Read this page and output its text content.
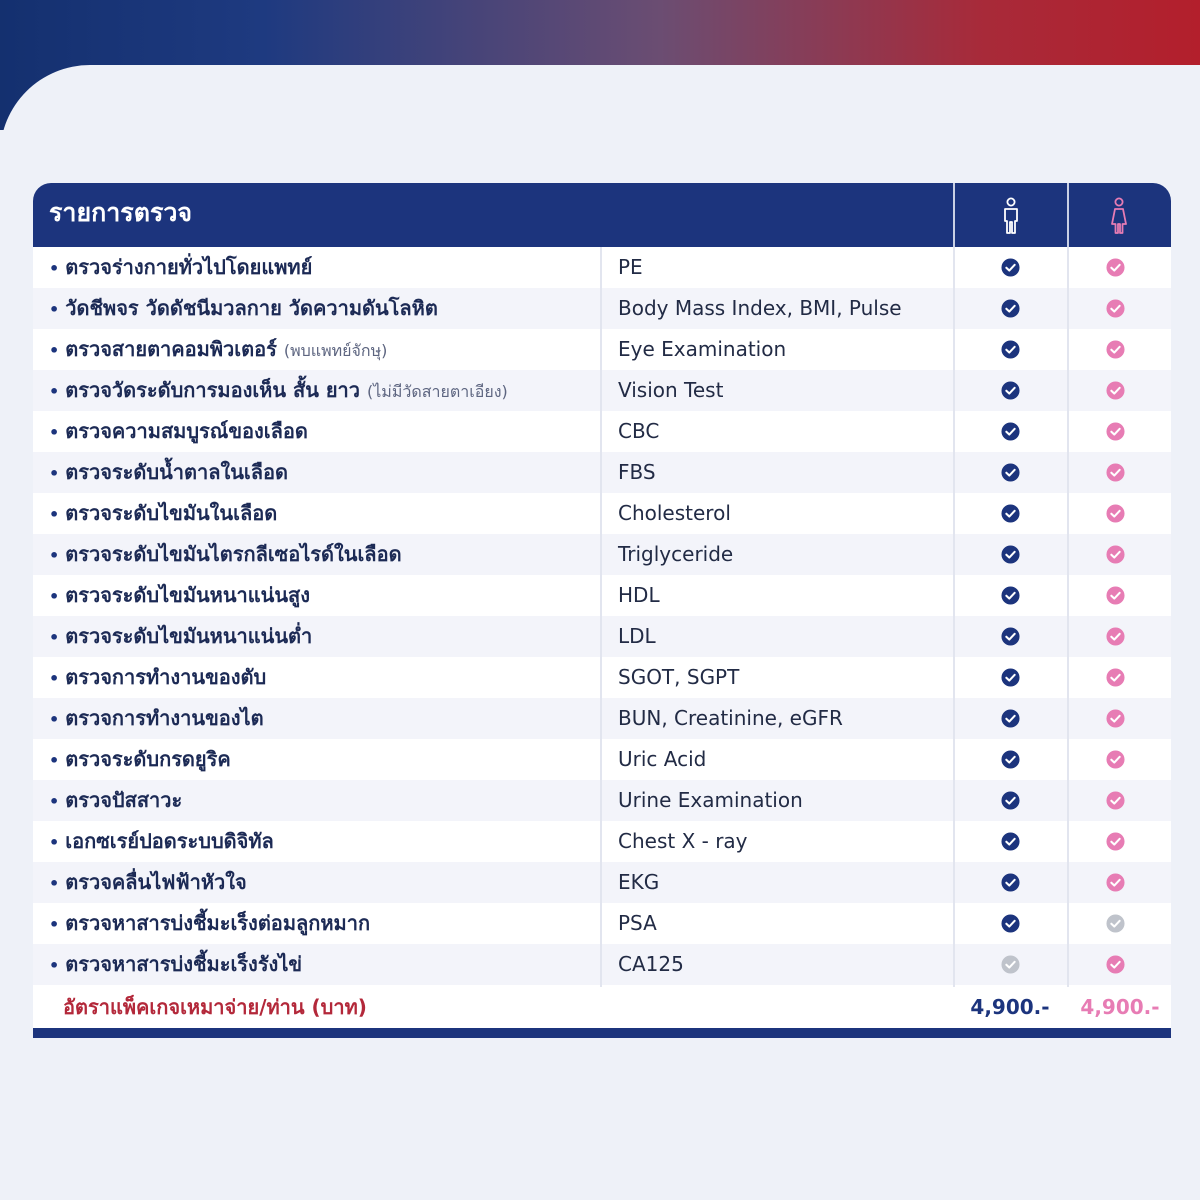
รายการตรวจ
• ตรวจร่างกายทั่วไปโดยแพทย์	PE
• วัดชีพจร วัดดัชนีมวลกาย วัดความดันโลหิต	Body Mass Index, BMI, Pulse
• ตรวจสายตาคอมพิวเตอร์ (พบแพทย์จักษุ)	Eye Examination
• ตรวจวัดระดับการมองเห็น สั้น ยาว (ไม่มีวัดสายตาเอียง)	Vision Test
• ตรวจความสมบูรณ์ของเลือด	CBC
• ตรวจระดับน้ำตาลในเลือด	FBS
• ตรวจระดับไขมันในเลือด	Cholesterol
• ตรวจระดับไขมันไตรกลีเซอไรด์ในเลือด	Triglyceride
• ตรวจระดับไขมันหนาแน่นสูง	HDL
• ตรวจระดับไขมันหนาแน่นต่ำ	LDL
• ตรวจการทำงานของตับ	SGOT, SGPT
• ตรวจการทำงานของไต	BUN, Creatinine, eGFR
• ตรวจระดับกรดยูริค	Uric Acid
• ตรวจปัสสาวะ	Urine Examination
• เอกซเรย์ปอดระบบดิจิทัล	Chest X - ray
• ตรวจคลื่นไฟฟ้าหัวใจ	EKG
• ตรวจหาสารบ่งชี้มะเร็งต่อมลูกหมาก	PSA
• ตรวจหาสารบ่งชี้มะเร็งรังไข่	CA125
อัตราแพ็คเกจเหมาจ่าย/ท่าน (บาท)	4,900.-	4,900.-
